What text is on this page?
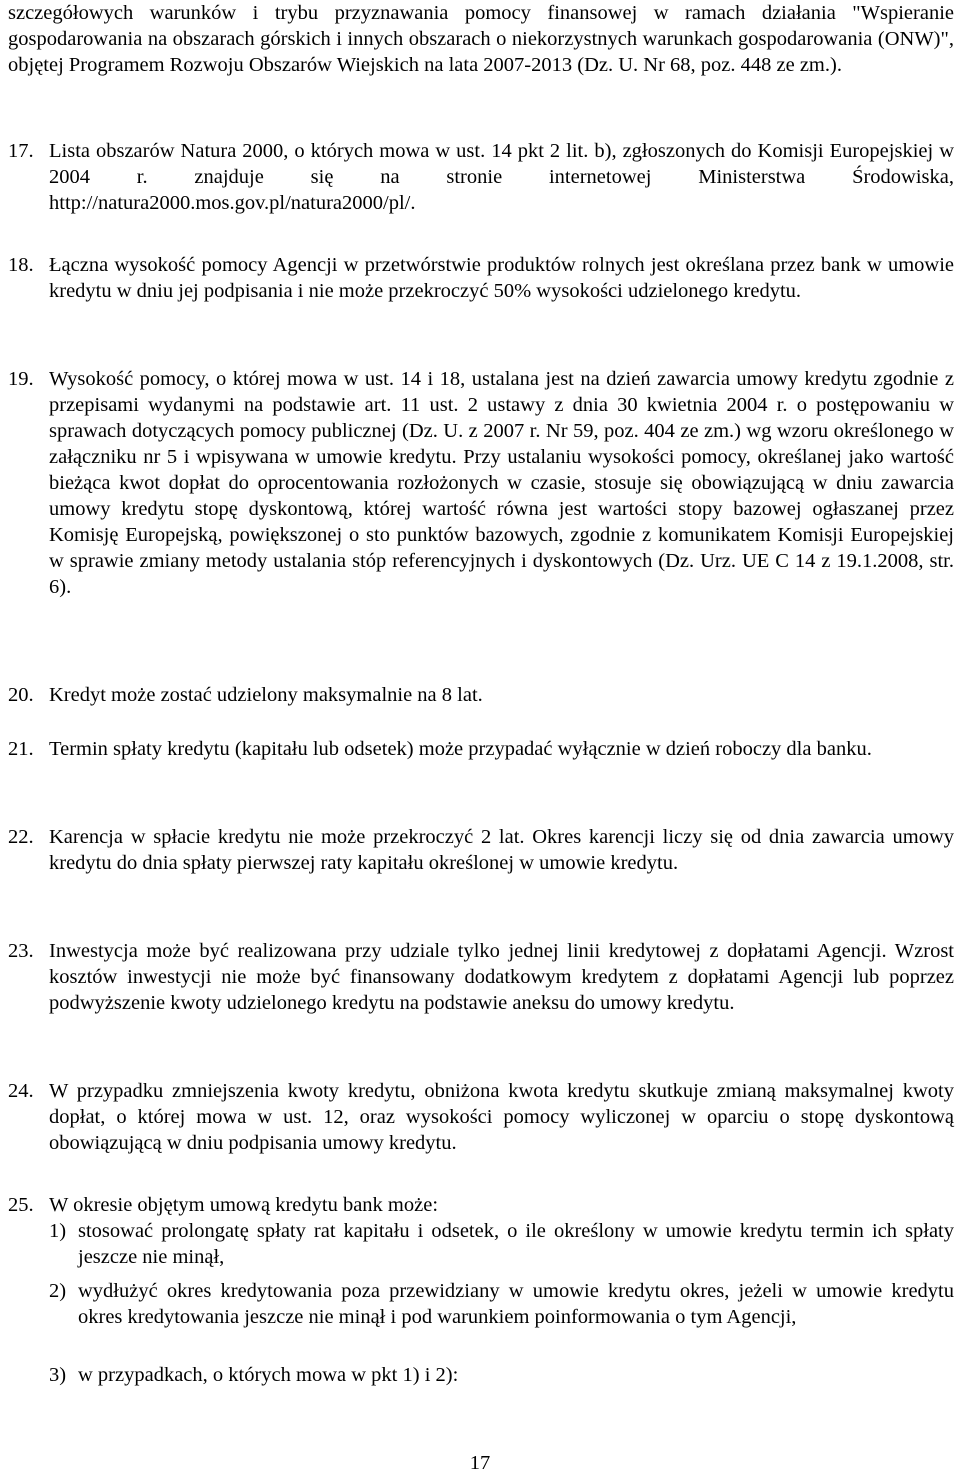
szczegółowych warunków i trybu przyznawania pomocy finansowej w ramach działania "Wspieranie gospodarowania na obszarach górskich i innych obszarach o niekorzystnych warunkach gospodarowania (ONW)", objętej Programem Rozwoju Obszarów Wiejskich na lata 2007-2013 (Dz. U. Nr 68, poz. 448 ze zm.).

17. Lista obszarów Natura 2000, o których mowa w ust. 14 pkt 2 lit. b), zgłoszonych do Komisji Europejskiej w 2004 r. znajduje się na stronie internetowej Ministerstwa Środowiska, http://natura2000.mos.gov.pl/natura2000/pl/.
18. Łączna wysokość pomocy Agencji w przetwórstwie produktów rolnych jest określana przez bank w umowie kredytu w dniu jej podpisania i nie może przekroczyć 50% wysokości udzielonego kredytu.
19. Wysokość pomocy, o której mowa w ust. 14 i 18, ustalana jest na dzień zawarcia umowy kredytu zgodnie z przepisami wydanymi na podstawie art. 11 ust. 2 ustawy z dnia 30 kwietnia 2004 r. o postępowaniu w sprawach dotyczących pomocy publicznej (Dz. U. z 2007 r. Nr 59, poz. 404 ze zm.) wg wzoru określonego w załączniku nr 5 i wpisywana w umowie kredytu. Przy ustalaniu wysokości pomocy, określanej jako wartość bieżąca kwot dopłat do oprocentowania rozłożonych w czasie, stosuje się obowiązującą w dniu zawarcia umowy kredytu stopę dyskontową, której wartość równa jest wartości stopy bazowej ogłaszanej przez Komisję Europejską, powiększonej o sto punktów bazowych, zgodnie z komunikatem Komisji Europejskiej w sprawie zmiany metody ustalania stóp referencyjnych i dyskontowych (Dz. Urz. UE C 14 z 19.1.2008, str. 6).
20. Kredyt może zostać udzielony maksymalnie na 8 lat.
21. Termin spłaty kredytu (kapitału lub odsetek) może przypadać wyłącznie w dzień roboczy dla banku.
22. Karencja w spłacie kredytu nie może przekroczyć 2 lat. Okres karencji liczy się od dnia zawarcia umowy kredytu do dnia spłaty pierwszej raty kapitału określonej w umowie kredytu.
23. Inwestycja może być realizowana przy udziale tylko jednej linii kredytowej z dopłatami Agencji. Wzrost kosztów inwestycji nie może być finansowany dodatkowym kredytem z dopłatami Agencji lub poprzez podwyższenie kwoty udzielonego kredytu na podstawie aneksu do umowy kredytu.
24. W przypadku zmniejszenia kwoty kredytu, obniżona kwota kredytu skutkuje zmianą maksymalnej kwoty dopłat, o której mowa w ust. 12, oraz wysokości pomocy wyliczonej w oparciu o stopę dyskontową obowiązującą w dniu podpisania umowy kredytu.
25. W okresie objętym umową kredytu bank może:
1) stosować prolongatę spłaty rat kapitału i odsetek, o ile określony w umowie kredytu termin ich spłaty jeszcze nie minął,
2) wydłużyć okres kredytowania poza przewidziany w umowie kredytu okres, jeżeli w umowie kredytu okres kredytowania jeszcze nie minął i pod warunkiem poinformowania o tym Agencji,
3) w przypadkach, o których mowa w pkt 1) i 2):
17
